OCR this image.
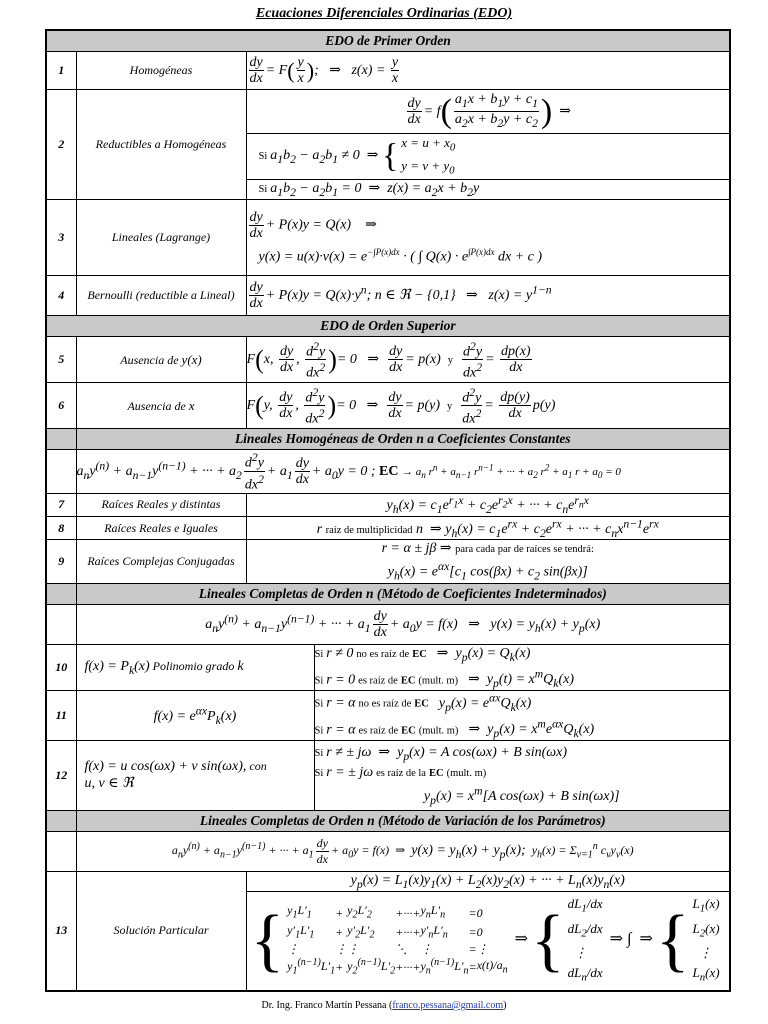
Ecuaciones Diferenciales Ordinarias (EDO)
EDO de Primer Orden
1	Homogéneas	$\frac{dy}{dx} = F( \frac{y}{x}$ );   ⇒   $z(x) = \frac{y}{x}$

2	Reductibles a Homogéneas	
$\frac{dy}{dx} = f( \frac{a_1x + b_1y + c_1}{a_2x + b_2y + c_2}$ )  ⇒
Si $a_1b_2 - a_2b_1 \ne 0$  ⇒ { $x = u + x_0$
$y = v + y_0$
Si $a_1b_2 - a_2b_1 = 0$  ⇒  $z(x) = a_2x + b_2y$
3	Lineales (Lagrange)	$\frac{dy}{dx} + P(x)y = Q(x)$    ⇒
$y(x) = u(x)\cdot v(x) = e^{-\int P(x)dx}$ · ( ∫ $Q(x) \cdot e^{\int P(x)dx}$ dx + c )

4	Bernoulli (reductible a Lineal)	$\frac{dy}{dx} + P(x)y = Q(x)\cdot y^n$; n ∈ ℜ − {0,1}   ⇒   $z(x) = y^{1-n}$
EDO de Orden Superior
5	Ausencia de y(x)	F(x, $\frac{dy}{dx}$ , $\frac{d^2y}{dx^2}$ )= 0   ⇒ $\frac{dy}{dx} = p(x)$  y $\frac{d^2y}{dx^2} = \frac{dp(x)}{dx}$

6	Ausencia de x	F(y, $\frac{dy}{dx}$ , $\frac{d^2y}{dx^2}$ )= 0   ⇒ $\frac{dy}{dx} = p(y)$  y $\frac{d^2y}{dx^2} = \frac{dp(y)}{dx} p(y)$
	Lineales Homogéneas de Orden n a Coeficientes Constantes
	$a_ny^{(n)} + a_{n-1}y^{(n-1)}$ + ··· + $a_2 \frac{d^2y}{dx^2} + a_1 \frac{dy}{dx} + a_0y = 0$ ; EC → $a_n$ $r^n + a_{n-1}$ $r^{n-1}$ + ··· + $a_2$ $r^2 + a_1$ $r + a_0 = 0$
7	Raíces Reales y distintas	$y_h(x) = c_1e^{r_1x} + c_2e^{r_2x}$ + ··· + $c_ne^{r_nx}$
8	Raíces Reales e Iguales	r raíz de multiplicidad n  ⇒ $y_h(x) = c_1e^{rx} + c_2e^{rx}$ + ··· + $c_nx^{n-1}e^{rx}$
9	Raíces Complejas Conjugadas	
r = α ± jβ ⇒ para cada par de raíces se tendrá:
$y_h(x) = e^{\alpha x}[c_1$ $\cos(\beta x) + c_2$ sin(βx)]

	Lineales Completas de Orden n (Método de Coeficientes Indeterminados)
	$a_ny^{(n)} + a_{n-1}y^{(n-1)}$ + ··· + $a_1 \frac{dy}{dx} + a_0y = f(x)$   ⇒   $y(x) = y_h(x) + y_p(x)$
10	$f(x) = P_k(x)$ Polinomio grado k	
Si r ≠ 0 no es raíz de EC   ⇒  $y_p(x) = Q_k(x)$
Si r = 0 es raíz de EC (mult. m)   ⇒  $y_p(t) = x^mQ_k(x)$

11	$f(x) = e^{\alpha x}P_k(x)$	
Si r = α no es raíz de EC   $y_p(x) = e^{\alpha x}Q_k(x)$
Si r = α es raíz de EC (mult. m)   ⇒  $y_p(x) = x^me^{\alpha x}Q_k(x)$

12	f(x) = u cos(ωx) + v sin(ωx), con
u, v ∈ ℜ	
Si r ≠ ± jω  ⇒  $y_p(x) = A$ cos(ωx) + B sin(ωx)
Si r = ± jω es raíz de la EC (mult. m)
$y_p(x) = x^m[A$ cos(ωx) + B sin(ωx)]

	Lineales Completas de Orden n (Método de Variación de los Parámetros)
	$a_ny^{(n)} + a_{n-1}y^{(n-1)}$ + ··· + $a_1 \frac{dy}{dx} + a_0y = f(x)$  ⇒  $y(x) = y_h(x) + y_p(x)$;  $y_h(x) = \Sigma_{v=1}^n$ $c_vy_v(x)$
13	Solución Particular	$y_p(x) = L_1(x)y_1(x) + L_2(x)y_2(x)$ + ··· + $L_n(x)y_n(x)$
{ $y_1L'_1$	+	$y_2L'_2$	+···+	$y_nL'_n$	=	0
$y'_1L'_1$	+	$y'_2L'_2$	+···+	$y'_nL'_n$	=	0
⋮	⋮	⋮	⋱	⋮	=	⋮
$y_1^{(n-1)}L'_1$	+	$y_2^{(n-1)}L'_2$	+···+	$y_n^{(n-1)}L'_n$	=	$x(t)/a_n$  ⇒ { $dL_1/dx$
$dL_2/dx$
⋮
$dL_n/dx$  ⇒ ∫  ⇒ { $L_1(x)$
$L_2(x)$
⋮
$L_n(x)$
Dr. Ing. Franco Martín Pessana (franco.pessana@gmail.com)
